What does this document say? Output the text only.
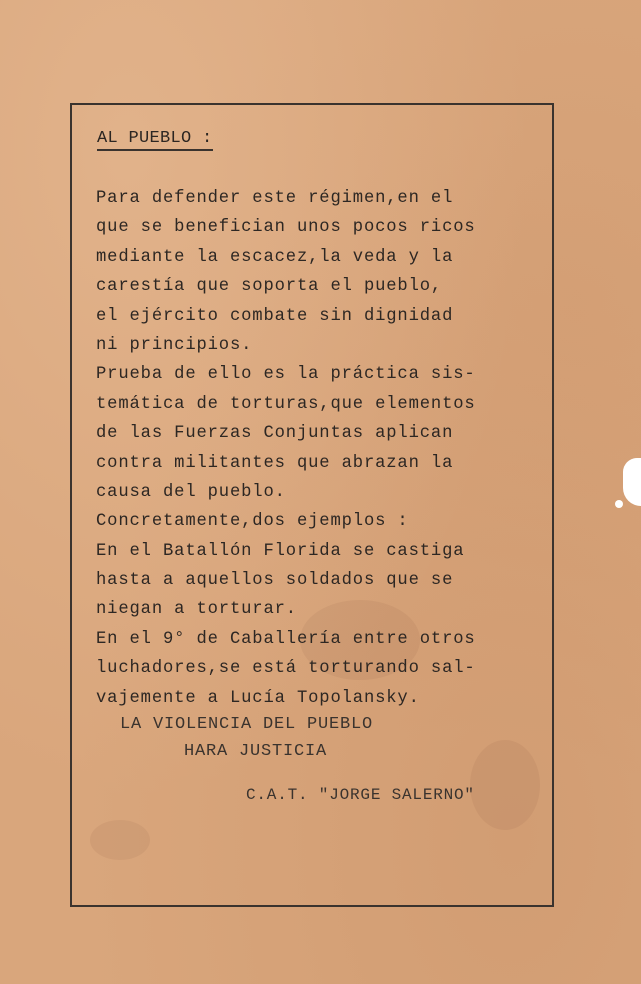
AL PUEBLO :
Para defender este régimen,en el
que se benefician unos pocos ricos
mediante la escacez,la veda y la
carestía que soporta el pueblo,
el ejército combate sin dignidad
ni principios.
Prueba de ello es la práctica sis-
temática de torturas,que elementos
de las Fuerzas Conjuntas aplican
contra militantes que abrazan la
causa del pueblo.
Concretamente,dos ejemplos :
En el Batallón Florida se castiga
hasta a aquellos soldados que se
niegan a torturar.
En el 9° de Caballería entre otros
luchadores,se está torturando sal-
vajemente a Lucía Topolansky.
LA VIOLENCIA DEL PUEBLO
HARA JUSTICIA
C.A.T. "JORGE SALERNO"
